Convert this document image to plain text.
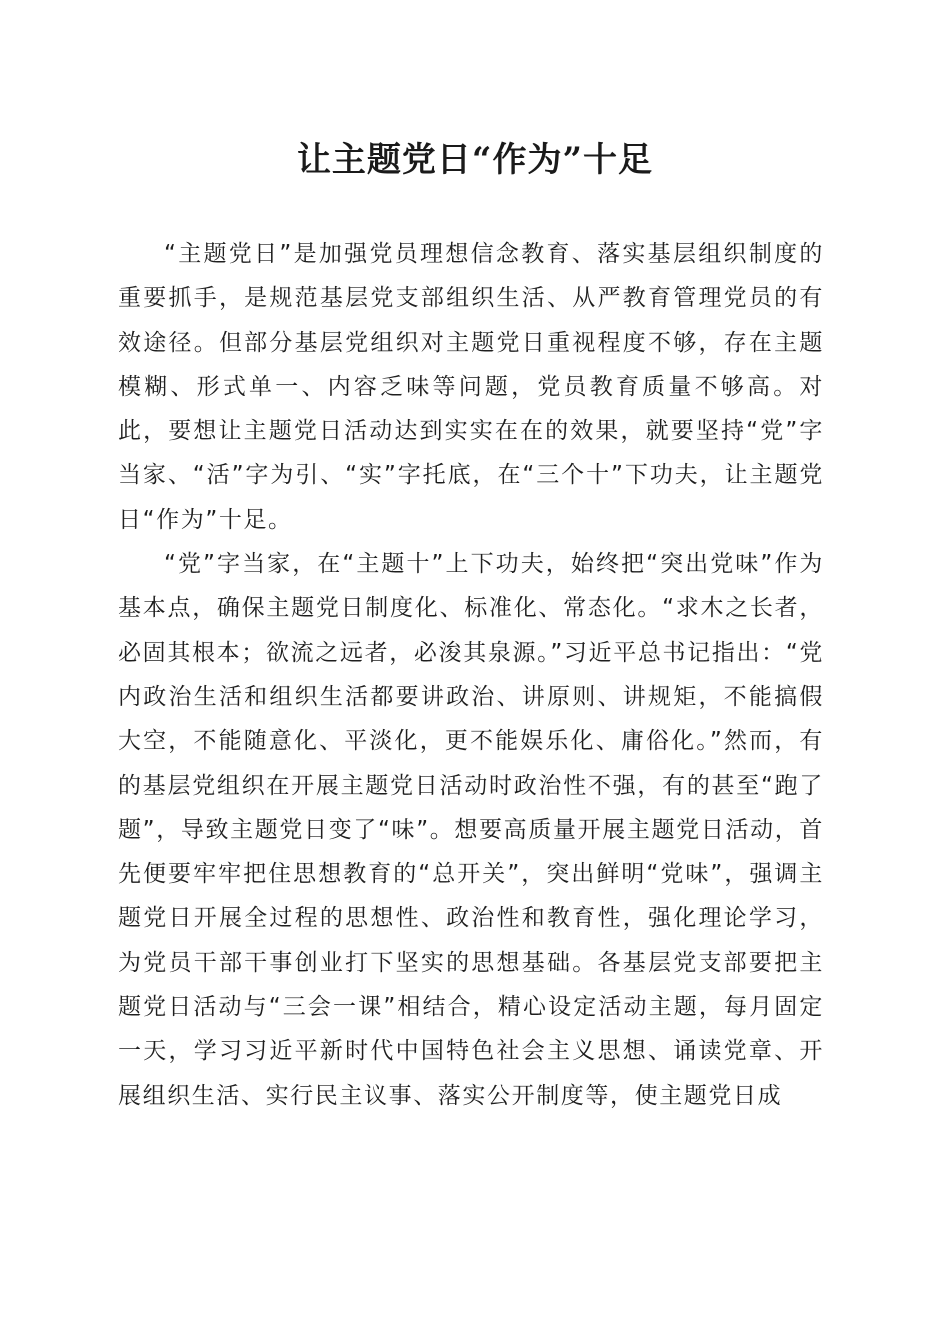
让主题党日“作为”十足

“主题党日”是加强党员理想信念教育、落实基层组织制度的重要抓手，是规范基层党支部组织生活、从严教育管理党员的有效途径。但部分基层党组织对主题党日重视程度不够，存在主题模糊、形式单一、内容乏味等问题，党员教育质量不够高。对此，要想让主题党日活动达到实实在在的效果，就要坚持“党”字当家、“活”字为引、“实”字托底，在“三个十”下功夫，让主题党日“作为”十足。

“党”字当家，在“主题十”上下功夫，始终把“突出党味”作为基本点，确保主题党日制度化、标准化、常态化。“求木之长者，必固其根本；欲流之远者，必浚其泉源。”习近平总书记指出：“党内政治生活和组织生活都要讲政治、讲原则、讲规矩，不能搞假大空，不能随意化、平淡化，更不能娱乐化、庸俗化。”然而，有的基层党组织在开展主题党日活动时政治性不强，有的甚至“跑了题”，导致主题党日变了“味”。想要高质量开展主题党日活动，首先便要牢牢把住思想教育的“总开关”，突出鲜明“党味”，强调主题党日开展全过程的思想性、政治性和教育性，强化理论学习，为党员干部干事创业打下坚实的思想基础。各基层党支部要把主题党日活动与“三会一课”相结合，精心设定活动主题，每月固定一天，学习习近平新时代中国特色社会主义思想、诵读党章、开展组织生活、实行民主议事、落实公开制度等，使主题党日成
